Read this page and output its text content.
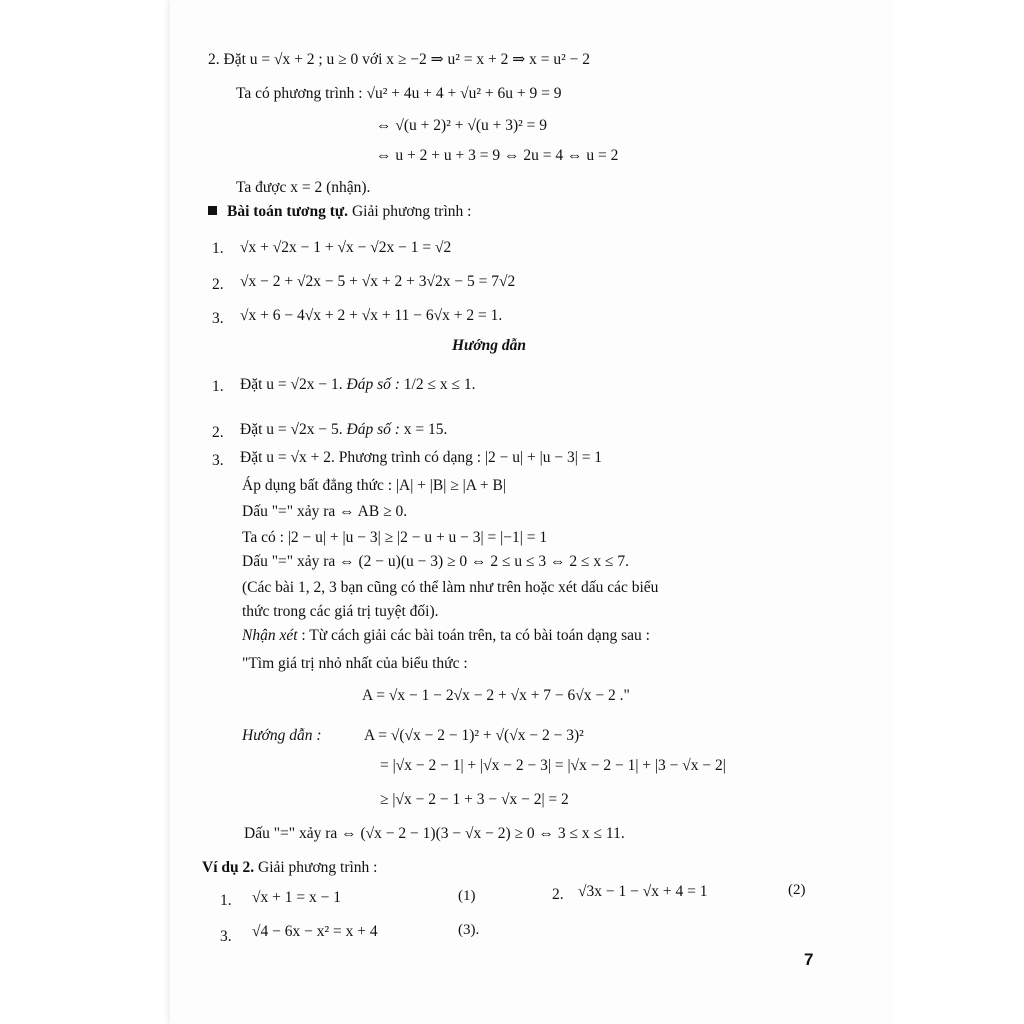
2. Đặt u = √x + 2 ; u ≥ 0 với x ≥ −2 ⇒ u² = x + 2 ⇒ x = u² − 2
Ta có phương trình : √u² + 4u + 4 + √u² + 6u + 9 = 9
⇔ √(u + 2)² + √(u + 3)² = 9
⇔ u + 2 + u + 3 = 9 ⇔ 2u = 4 ⇔ u = 2
Ta được x = 2 (nhận).
Bài toán tương tự. Giải phương trình :
1. √x + √2x − 1 + √x − √2x − 1 = √2
2. √x − 2 + √2x − 5 + √x + 2 + 3√2x − 5 = 7√2
3. √x + 6 − 4√x + 2 + √x + 11 − 6√x + 2 = 1.
Hướng dẫn
1. Đặt u = √2x − 1. Đáp số : 1/2 ≤ x ≤ 1.
2. Đặt u = √2x − 5. Đáp số : x = 15.
3. Đặt u = √x + 2. Phương trình có dạng : |2 − u| + |u − 3| = 1
Áp dụng bất đẳng thức : |A| + |B| ≥ |A + B|
Dấu "=" xảy ra ⇔ AB ≥ 0.
Ta có : |2 − u| + |u − 3| ≥ |2 − u + u − 3| = |−1| = 1
Dấu "=" xảy ra ⇔ (2 − u)(u − 3) ≥ 0 ⇔ 2 ≤ u ≤ 3 ⇔ 2 ≤ x ≤ 7.
(Các bài 1, 2, 3 bạn cũng có thể làm như trên hoặc xét dấu các biểu
thức trong các giá trị tuyệt đối).
Nhận xét : Từ cách giải các bài toán trên, ta có bài toán dạng sau :
"Tìm giá trị nhỏ nhất của biểu thức :
A = √x − 1 − 2√x − 2 + √x + 7 − 6√x − 2 ."
Hướng dẫn :	A = √(√x − 2 − 1)² + √(√x − 2 − 3)²
= |√x − 2 − 1| + |√x − 2 − 3| = |√x − 2 − 1| + |3 − √x − 2|
≥ |√x − 2 − 1 + 3 − √x − 2| = 2
Dấu "=" xảy ra ⇔ (√x − 2 − 1)(3 − √x − 2) ≥ 0 ⇔ 3 ≤ x ≤ 11.
Ví dụ 2. Giải phương trình :
1. √x + 1 = x − 1	(1)	2. √3x − 1 − √x + 4 = 1	(2)
3. √4 − 6x − x² = x + 4	(3).
7
